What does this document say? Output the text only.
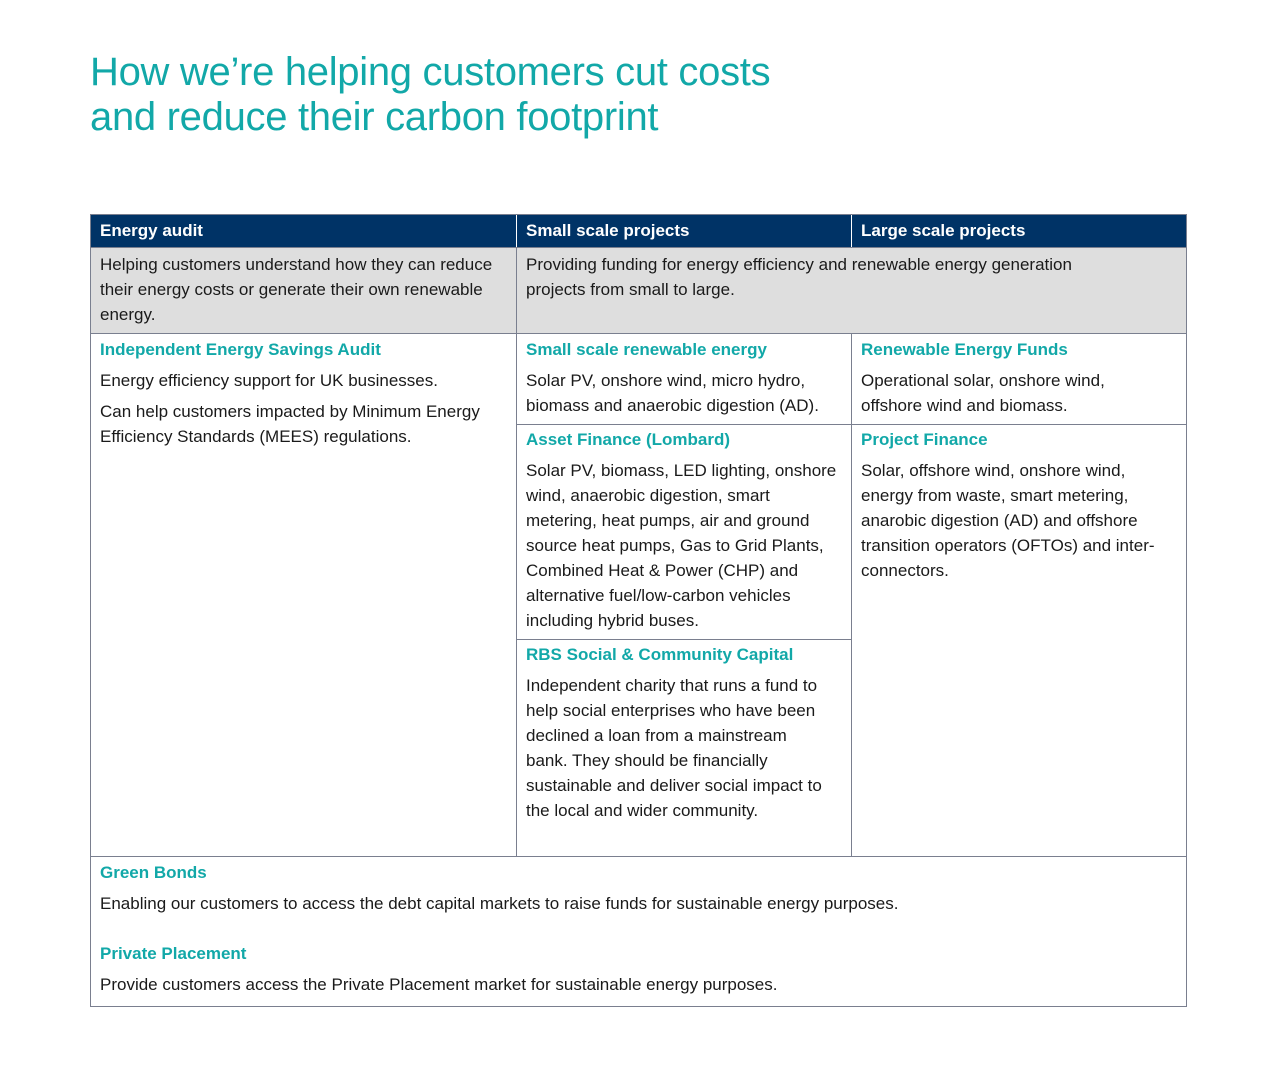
How we’re helping customers cut costs
and reduce their carbon footprint
Energy audit	Small scale projects	Large scale projects

Helping customers understand how they can reduce their energy costs or generate their own renewable energy.

Providing funding for energy efficiency and renewable energy generation projects from small to large.

Independent Energy Savings Audit

Energy efficiency support for UK businesses.

Can help customers impacted by Minimum Energy Efficiency Standards (MEES) regulations.

Small scale renewable energy

Solar PV, onshore wind, micro hydro, biomass and anaerobic digestion (AD).

Asset Finance (Lombard)

Solar PV, biomass, LED lighting, onshore wind, anaerobic digestion, smart metering, heat pumps, air and ground source heat pumps, Gas to Grid Plants, Combined Heat & Power (CHP) and alternative fuel/low-carbon vehicles including hybrid buses.

RBS Social & Community Capital

Independent charity that runs a fund to help social enterprises who have been declined a loan from a mainstream bank. They should be financially sustainable and deliver social impact to the local and wider community.

Renewable Energy Funds

Operational solar, onshore wind, offshore wind and biomass.

Project Finance

Solar, offshore wind, onshore wind, energy from waste, smart metering, anarobic digestion (AD) and offshore transition operators (OFTOs) and inter-connectors.

Green Bonds

Enabling our customers to access the debt capital markets to raise funds for sustainable energy purposes.

Private Placement

Provide customers access the Private Placement market for sustainable energy purposes.
